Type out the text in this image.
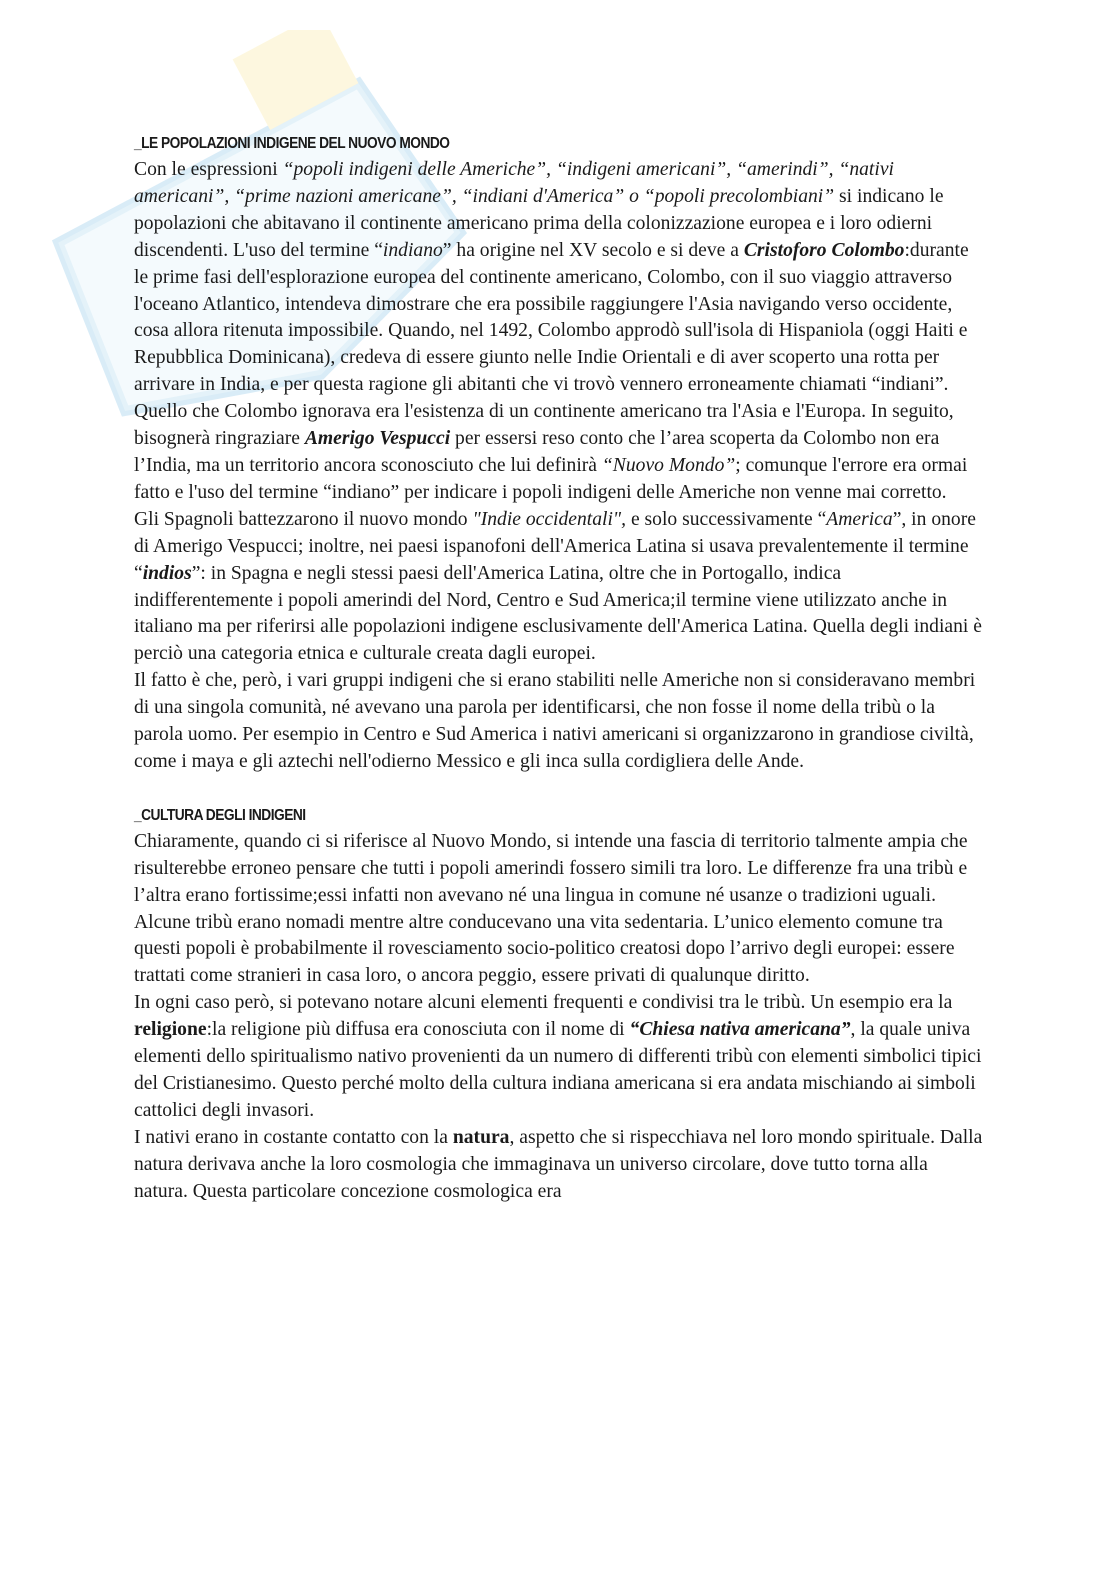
_LE POPOLAZIONI INDIGENE DEL NUOVO MONDO

Con le espressioni “popoli indigeni delle Americhe”, “indigeni americani”, “amerindi”, “nativi americani”, “prime nazioni americane”, “indiani d'America” o “popoli precolombiani” si indicano le popolazioni che abitavano il continente americano prima della colonizzazione europea e i loro odierni discendenti. L'uso del termine “indiano” ha origine nel XV secolo e si deve a Cristoforo Colombo:durante le prime fasi dell'esplorazione europea del continente americano, Colombo, con il suo viaggio attraverso l'oceano Atlantico, intendeva dimostrare che era possibile raggiungere l'Asia navigando verso occidente, cosa allora ritenuta impossibile. Quando, nel 1492, Colombo approdò sull'isola di Hispaniola (oggi Haiti e Repubblica Dominicana), credeva di essere giunto nelle Indie Orientali e di aver scoperto una rotta per arrivare in India, e per questa ragione gli abitanti che vi trovò vennero erroneamente chiamati “indiani”. Quello che Colombo ignorava era l'esistenza di un continente americano tra l'Asia e l'Europa. In seguito, bisognerà ringraziare Amerigo Vespucci per essersi reso conto che l’area scoperta da Colombo non era l’India, ma un territorio ancora sconosciuto che lui definirà “Nuovo Mondo”; comunque l'errore era ormai fatto e l'uso del termine “indiano” per indicare i popoli indigeni delle Americhe non venne mai corretto.

Gli Spagnoli battezzarono il nuovo mondo "Indie occidentali", e solo successivamente “America”, in onore di Amerigo Vespucci; inoltre, nei paesi ispanofoni dell'America Latina si usava prevalentemente il termine “indios”: in Spagna e negli stessi paesi dell'America Latina, oltre che in Portogallo, indica indifferentemente i popoli amerindi del Nord, Centro e Sud America;il termine viene utilizzato anche in italiano ma per riferirsi alle popolazioni indigene esclusivamente dell'America Latina. Quella degli indiani è perciò una categoria etnica e culturale creata dagli europei.

Il fatto è che, però, i vari gruppi indigeni che si erano stabiliti nelle Americhe non si consideravano membri di una singola comunità, né avevano una parola per identificarsi, che non fosse il nome della tribù o la parola uomo. Per esempio in Centro e Sud America i nativi americani si organizzarono in grandiose civiltà, come i maya e gli aztechi nell'odierno Messico e gli inca sulla cordigliera delle Ande.

_CULTURA DEGLI INDIGENI

Chiaramente, quando ci si riferisce al Nuovo Mondo, si intende una fascia di territorio talmente ampia che risulterebbe erroneo pensare che tutti i popoli amerindi fossero simili tra loro. Le differenze fra una tribù e l’altra erano fortissime;essi infatti non avevano né una lingua in comune né usanze o tradizioni uguali. Alcune tribù erano nomadi mentre altre conducevano una vita sedentaria. L’unico elemento comune tra questi popoli è probabilmente il rovesciamento socio-politico creatosi dopo l’arrivo degli europei: essere trattati come stranieri in casa loro, o ancora peggio, essere privati di qualunque diritto.

In ogni caso però, si potevano notare alcuni elementi frequenti e condivisi tra le tribù. Un esempio era la religione:la religione più diffusa era conosciuta con il nome di “Chiesa nativa americana”, la quale univa elementi dello spiritualismo nativo provenienti da un numero di differenti tribù con elementi simbolici tipici del Cristianesimo. Questo perché molto della cultura indiana americana si era andata mischiando ai simboli cattolici degli invasori.

I nativi erano in costante contatto con la natura, aspetto che si rispecchiava nel loro mondo spirituale. Dalla natura derivava anche la loro cosmologia che immaginava un universo circolare, dove tutto torna alla natura. Questa particolare concezione cosmologica era
